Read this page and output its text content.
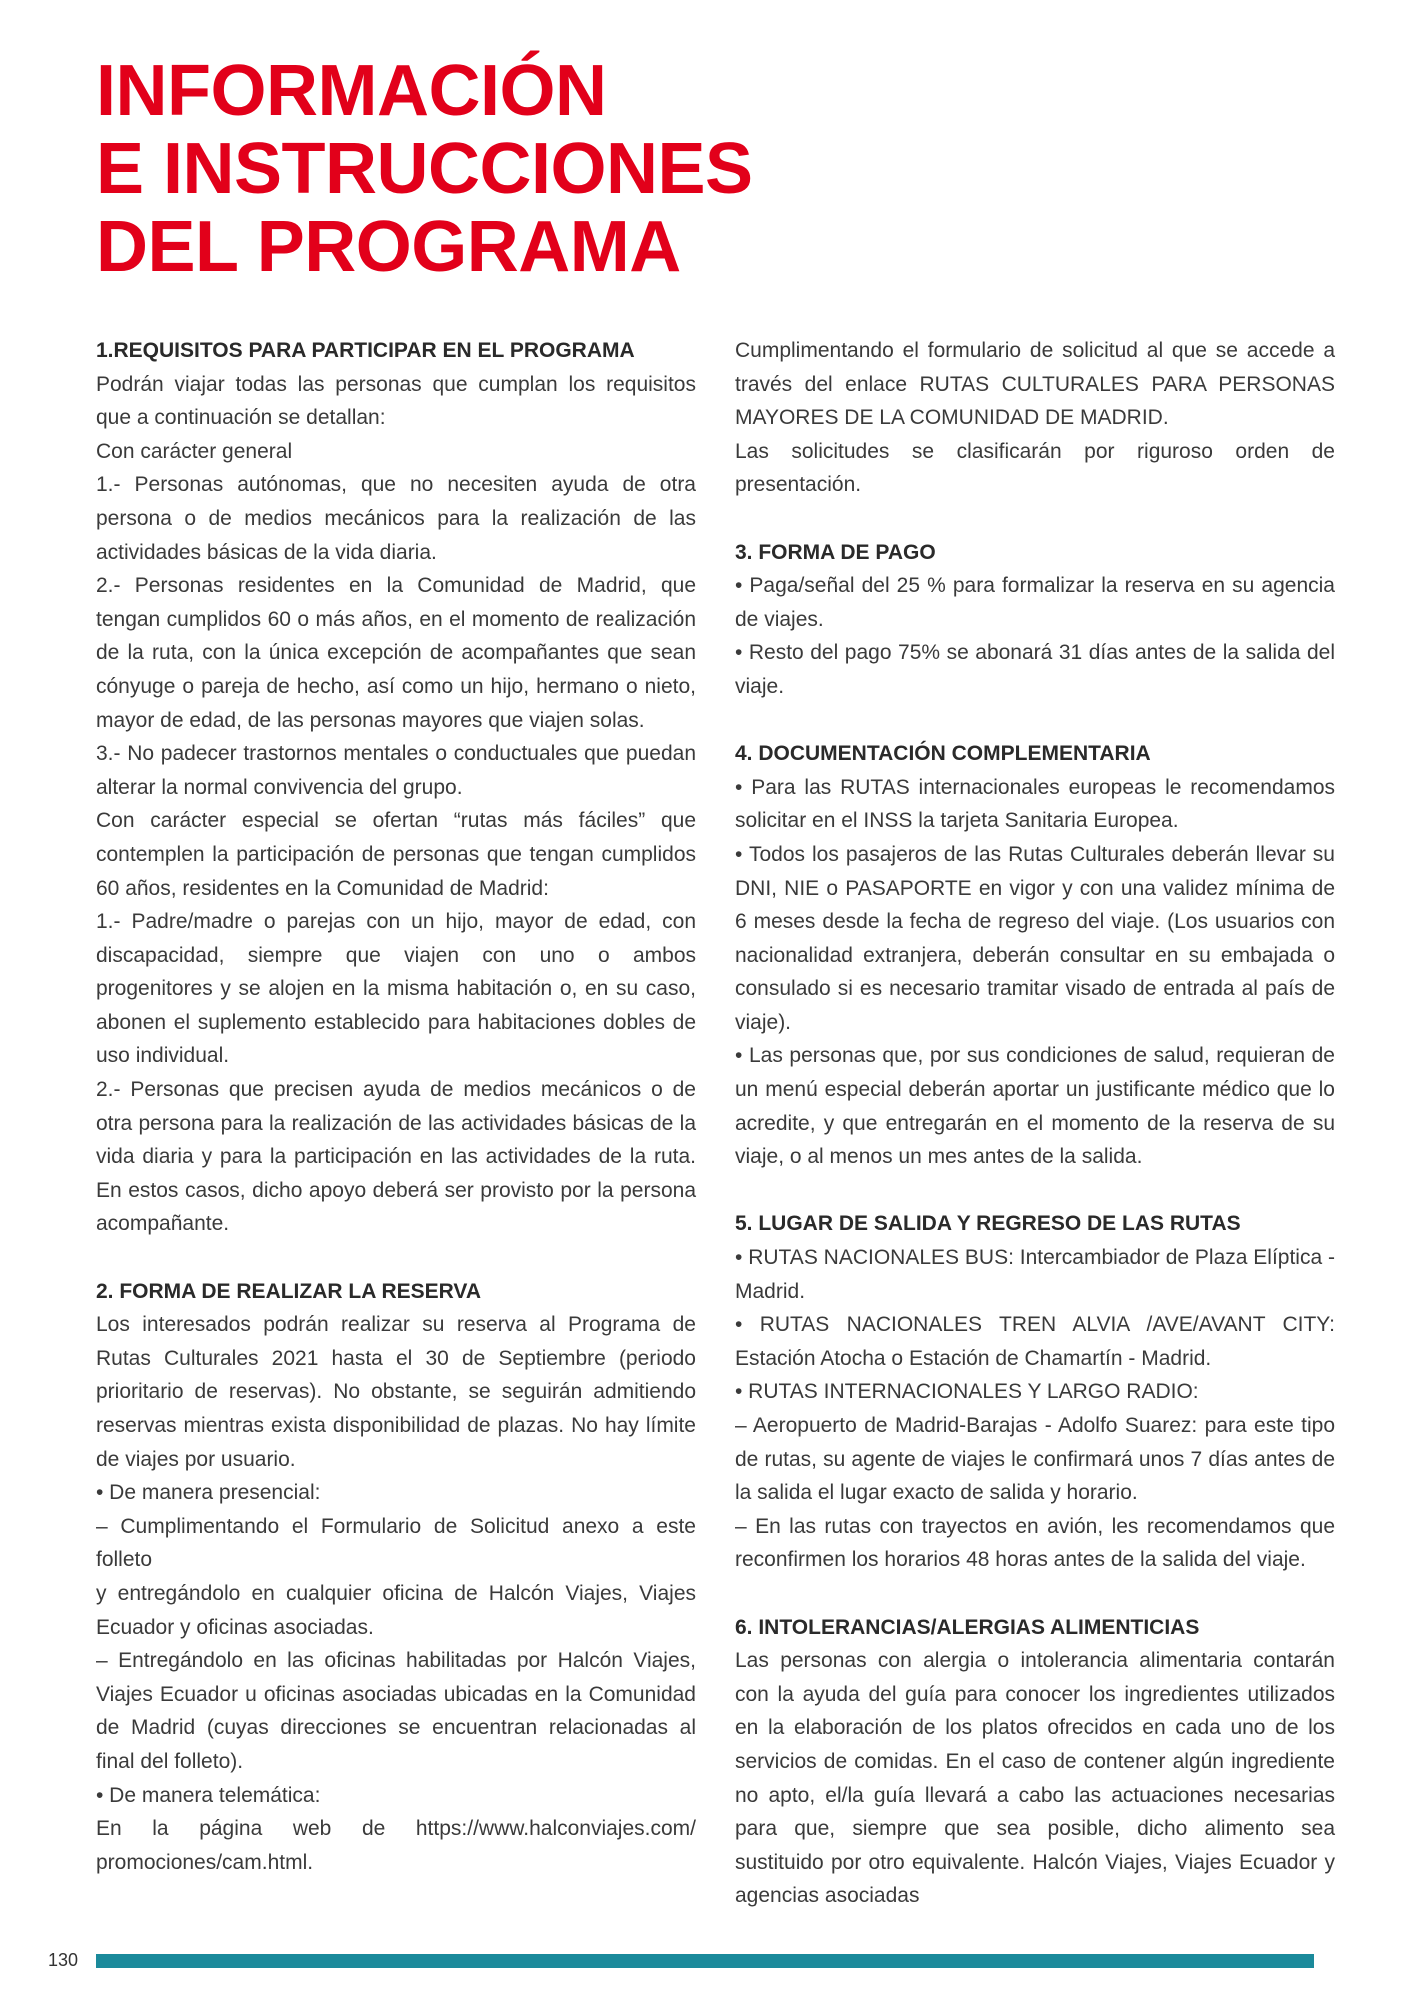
INFORMACIÓN
E INSTRUCCIONES
DEL PROGRAMA
1.REQUISITOS PARA PARTICIPAR EN EL PROGRAMA

Podrán viajar todas las personas que cumplan los requisitos que a continuación se detallan:

Con carácter general

1.- Personas autónomas, que no necesiten ayuda de otra persona o de medios mecánicos para la realización de las actividades básicas de la vida diaria.

2.- Personas residentes en la Comunidad de Madrid, que tengan cumplidos 60 o más años, en el momento de realización de la ruta, con la única excepción de acompañantes que sean cónyuge o pareja de hecho, así como un hijo, hermano o nieto, mayor de edad, de las personas mayores que viajen solas.

3.- No padecer trastornos mentales o conductuales que puedan alterar la normal convivencia del grupo.

Con carácter especial se ofertan “rutas más fáciles” que contemplen la participación de personas que tengan cumplidos 60 años, residentes en la Comunidad de Madrid:

1.- Padre/madre o parejas con un hijo, mayor de edad, con discapacidad, siempre que viajen con uno o ambos progenitores y se alojen en la misma habitación o, en su caso, abonen el suplemento establecido para habitaciones dobles de uso individual.

2.- Personas que precisen ayuda de medios mecánicos o de otra persona para la realización de las actividades básicas de la vida diaria y para la participación en las actividades de la ruta. En estos casos, dicho apoyo deberá ser provisto por la persona acompañante.

2. FORMA DE REALIZAR LA RESERVA

Los interesados podrán realizar su reserva al Programa de Rutas Culturales 2021 hasta el 30 de Septiembre (periodo prioritario de reservas). No obstante, se seguirán admitiendo reservas mientras exista disponibilidad de plazas. No hay límite de viajes por usuario.

• De manera presencial:

– Cumplimentando el Formulario de Solicitud anexo a este folleto

y entregándolo en cualquier oficina de Halcón Viajes, Viajes Ecuador y oficinas asociadas.

– Entregándolo en las oficinas habilitadas por Halcón Viajes, Viajes Ecuador u oficinas asociadas ubicadas en la Comunidad de Madrid (cuyas direcciones se encuentran relacionadas al final del folleto).

• De manera telemática:

En la página web de https://www.halconviajes.com/ promociones/cam.html.

Cumplimentando el formulario de solicitud al que se accede a través del enlace RUTAS CULTURALES PARA PERSONAS MAYORES DE LA COMUNIDAD DE MADRID.

Las solicitudes se clasificarán por riguroso orden de presentación.

3. FORMA DE PAGO

• Paga/señal del 25 % para formalizar la reserva en su agencia de viajes.

• Resto del pago 75% se abonará 31 días antes de la salida del viaje.

4. DOCUMENTACIÓN COMPLEMENTARIA

• Para las RUTAS internacionales europeas le recomendamos solicitar en el INSS la tarjeta Sanitaria Europea.

• Todos los pasajeros de las Rutas Culturales deberán llevar su DNI, NIE o PASAPORTE en vigor y con una validez mínima de 6 meses desde la fecha de regreso del viaje. (Los usuarios con nacionalidad extranjera, deberán consultar en su embajada o consulado si es necesario tramitar visado de entrada al país de viaje).

• Las personas que, por sus condiciones de salud, requieran de un menú especial deberán aportar un justificante médico que lo acredite, y que entregarán en el momento de la reserva de su viaje, o al menos un mes antes de la salida.

5. LUGAR DE SALIDA Y REGRESO DE LAS RUTAS

• RUTAS NACIONALES BUS: Intercambiador de Plaza Elíptica - Madrid.

• RUTAS NACIONALES TREN ALVIA /AVE/AVANT CITY: Estación Atocha o Estación de Chamartín - Madrid.

• RUTAS INTERNACIONALES Y LARGO RADIO:

– Aeropuerto de Madrid-Barajas - Adolfo Suarez: para este tipo de rutas, su agente de viajes le confirmará unos 7 días antes de la salida el lugar exacto de salida y horario.

– En las rutas con trayectos en avión, les recomendamos que reconfirmen los horarios 48 horas antes de la salida del viaje.

6. INTOLERANCIAS/ALERGIAS ALIMENTICIAS

Las personas con alergia o intolerancia alimentaria contarán con la ayuda del guía para conocer los ingredientes utilizados en la elaboración de los platos ofrecidos en cada uno de los servicios de comidas. En el caso de contener algún ingrediente no apto, el/la guía llevará a cabo las actuaciones necesarias para que, siempre que sea posible, dicho alimento sea sustituido por otro equivalente. Halcón Viajes, Viajes Ecuador y agencias asociadas

130
